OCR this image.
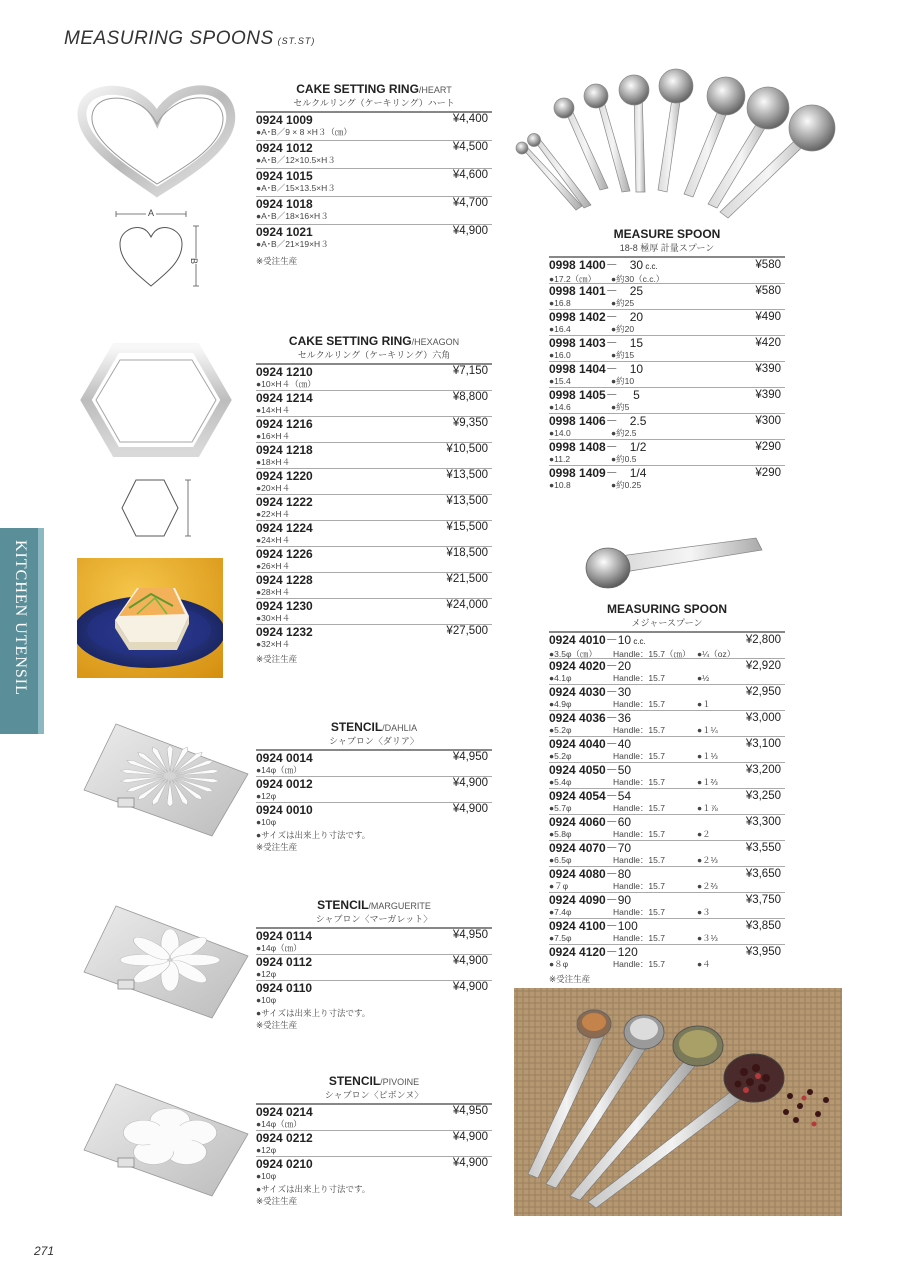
MEASURING SPOONS (ST.ST)
KITCHEN UTENSIL
271
A
B
CAKE SETTING RING/HEART
セルクルリング（ケーキリング）ハート
0924 1009	¥4,400
●A･B／9 × 8 ×H３（㎝）
0924 1012	¥4,500
●A･B／12×10.5×H３
0924 1015	¥4,600
●A･B／15×13.5×H３
0924 1018	¥4,700
●A･B／18×16×H３
0924 1021	¥4,900
●A･B／21×19×H３
※受注生産
CAKE SETTING RING/HEXAGON
セルクルリング（ケーキリング）六角
0924 1210	¥7,150
●10×H４（㎝）
0924 1214	¥8,800
●14×H４
0924 1216	¥9,350
●16×H４
0924 1218	¥10,500
●18×H４
0924 1220	¥13,500
●20×H４
0924 1222	¥13,500
●22×H４
0924 1224	¥15,500
●24×H４
0924 1226	¥18,500
●26×H４
0924 1228	¥21,500
●28×H４
0924 1230	¥24,000
●30×H４
0924 1232	¥27,500
●32×H４
※受注生産
STENCIL/DAHLIA
シャブロン〈ダリア〉
0924 0014	¥4,950
●14φ（㎝）
0924 0012	¥4,900
●12φ
0924 0010	¥4,900
●10φ
●サイズは出来上り寸法です。
※受注生産
STENCIL/MARGUERITE
シャブロン〈マーガレット〉
0924 0114	¥4,950
●14φ（㎝）
0924 0112	¥4,900
●12φ
0924 0110	¥4,900
●10φ
●サイズは出来上り寸法です。
※受注生産
STENCIL/PIVOINE
シャブロン〈ピボンヌ〉
0924 0214	¥4,950
●14φ（㎝）
0924 0212	¥4,900
●12φ
0924 0210	¥4,900
●10φ
●サイズは出来上り寸法です。
※受注生産
MEASURE SPOON
18-8 極厚 計量スプーン
0998 1400－　30 c.c.	¥580
●17.2（㎝） ●約30（c.c.）
0998 1401－　25	¥580
●16.8	●約25
0998 1402－　20	¥490
●16.4	●約20
0998 1403－　15	¥420
●16.0	●約15
0998 1404－　10	¥390
●15.4	●約10
0998 1405－　 5	¥390
●14.6	●約5
0998 1406－　2.5	¥300
●14.0	●約2.5
0998 1408－　1/2	¥290
●11.2	●約0.5
0998 1409－　1/4	¥290
●10.8	●約0.25
MEASURING SPOON
メジャースプーン
0924 4010－10 c.c.	¥2,800
●3.5φ（㎝） Handle：15.7（㎝） ●¼（oz）
0924 4020－20	¥2,920
●4.1φ	Handle：15.7	●½
0924 4030－30	¥2,950
●4.9φ	Handle：15.7	●１
0924 4036－36	¥3,000
●5.2φ	Handle：15.7	●１¼
0924 4040－40	¥3,100
●5.2φ	Handle：15.7	●１⅓
0924 4050－50	¥3,200
●5.4φ	Handle：15.7	●１⅔
0924 4054－54	¥3,250
●5.7φ	Handle：15.7	●１⅞
0924 4060－60	¥3,300
●5.8φ	Handle：15.7	●２
0924 4070－70	¥3,550
●6.5φ	Handle：15.7	●２⅓
0924 4080－80	¥3,650
●７φ	Handle：15.7	●２⅔
0924 4090－90	¥3,750
●7.4φ	Handle：15.7	●３
0924 4100－100	¥3,850
●7.5φ	Handle：15.7	●３⅓
0924 4120－120	¥3,950
●８φ	Handle：15.7	●４
※受注生産
